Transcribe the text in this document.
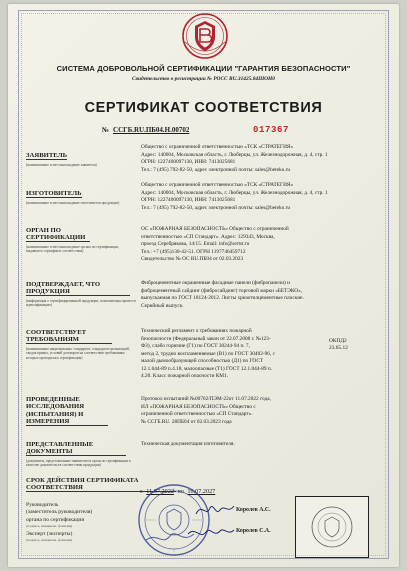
СИСТЕМА ДОБРОВОЛЬНОЙ СЕРТИФИКАЦИИ "ГАРАНТИЯ БЕЗОПАСНОСТИ"
Свидетельство о регистрации № РОСС RU.З1425.04ШОН0
СЕРТИФИКАТ СООТВЕТСТВИЯ
№ ССГБ.RU.ПБ04.Н.00702	017367
ЗАЯВИТЕЛЬ
(наименование и местонахождение заявителя)
Общество с ограниченной ответственностью «ТСК «СТРАТЕГИЯ»
Адрес: 140004, Московская область, г. Люберцы, ул. Железнодорожная, д. 4, стр. 1
ОГРН: 1227400097130, ИНН: 7413025681
Тел.: 7 (495) 792-82-50, адрес электронной почты: sales@beteko.ru
ИЗГОТОВИТЕЛЬ
(наименование и местонахождение изготовителя продукции)
Общество с ограниченной ответственностью «ТСК «СТРАТЕГИЯ»
Адрес: 140004, Московская область, г. Люберцы, ул. Железнодорожная, д. 4, стр. 1
ОГРН: 1227400097130, ИНН: 7413025681
Тел.: 7 (495) 792-82-50, адрес электронной почты: sales@beteko.ru
ОРГАН ПО СЕРТИФИКАЦИИ
(наименование и местонахождение органа по сертификации, выдавшего сертификат соответствия)
ОС «ПОЖАРНАЯ БЕЗОПАСНОСТЬ» Общество с ограниченной
ответственностью «СП Стандарт». Адрес: 129343, Москва,
проезд Серебрякова, 14/15. Email: info@sertst.ru
Тел.: +7 (495)130-42-51. ОГРН 1197746459712
Свидетельство № ОС RU.ПБ04 от 02.03.2023
ПОДТВЕРЖДАЕТ, ЧТО ПРОДУКЦИЯ
(информация о сертифицированной продукции, позволяющая провести идентификацию)
Фиброцементные окрашенные фасадные панели (фибропанели) и
фиброцементный сайдинг (фибросайдинг) торговой марки «БЕТЭКО»,
выпускаемая по ГОСТ 18124-2012. Листы хризотилцементные плоские.
Серийный выпуск.
СООТВЕТСТВУЕТ ТРЕБОВАНИЯМ
(наименование национальных стандартов, стандартов организаций, сводов правил, условий договоров на соответствие требованиям которых проводилась сертификация)
Технический регламент о требованиях пожарной
безопасности (Федеральный закон от 22.07.2008 г. №123-
ФЗ), слабо горючие (Г1) по ГОСТ 30244-94 п. 7,
метод 2, трудно воспламеняемые (В1) по ГОСТ 30402-96, с
малой дымообразующей способностью (Д1) по ГОСТ
12.1.044-89 п.4.18, малоопасные (Т1) ГОСТ 12.1.044-89 п.
4.20. Класс пожарной опасности КМ1.
ОКПД2
23.65.12
ПРОВЕДЕННЫЕ ИССЛЕДОВАНИЯ (ИСПЫТАНИЯ) И ИЗМЕРЕНИЯ
Протокол испытаний №00702/ПЭМ-22от 11.07.2022 года,
ИЛ «ПОЖАРНАЯ БЕЗОПАСНОСТЬ» Общество с
ограниченной ответственностью «СП Стандарт».
№ ССГБ.RU. 28ПБ04 от 02.03.2023 года
ПРЕДСТАВЛЕННЫЕ ДОКУМЕНТЫ
(документы, представленные заявителем в орган по сертификации в качестве доказательств соответствия продукции)
Техническая документация изготовителя.
СРОК ДЕЙСТВИЯ СЕРТИФИКАТА СООТВЕТСТВИЯ
с 11.07.2022 по 10.07.2027
Руководитель
(заместитель руководителя)
органа по сертификации
(подпись, инициалы, фамилия)
Эксперт (эксперты)
(подпись, инициалы, фамилия)
Королев А.С.
Королев С.А.
